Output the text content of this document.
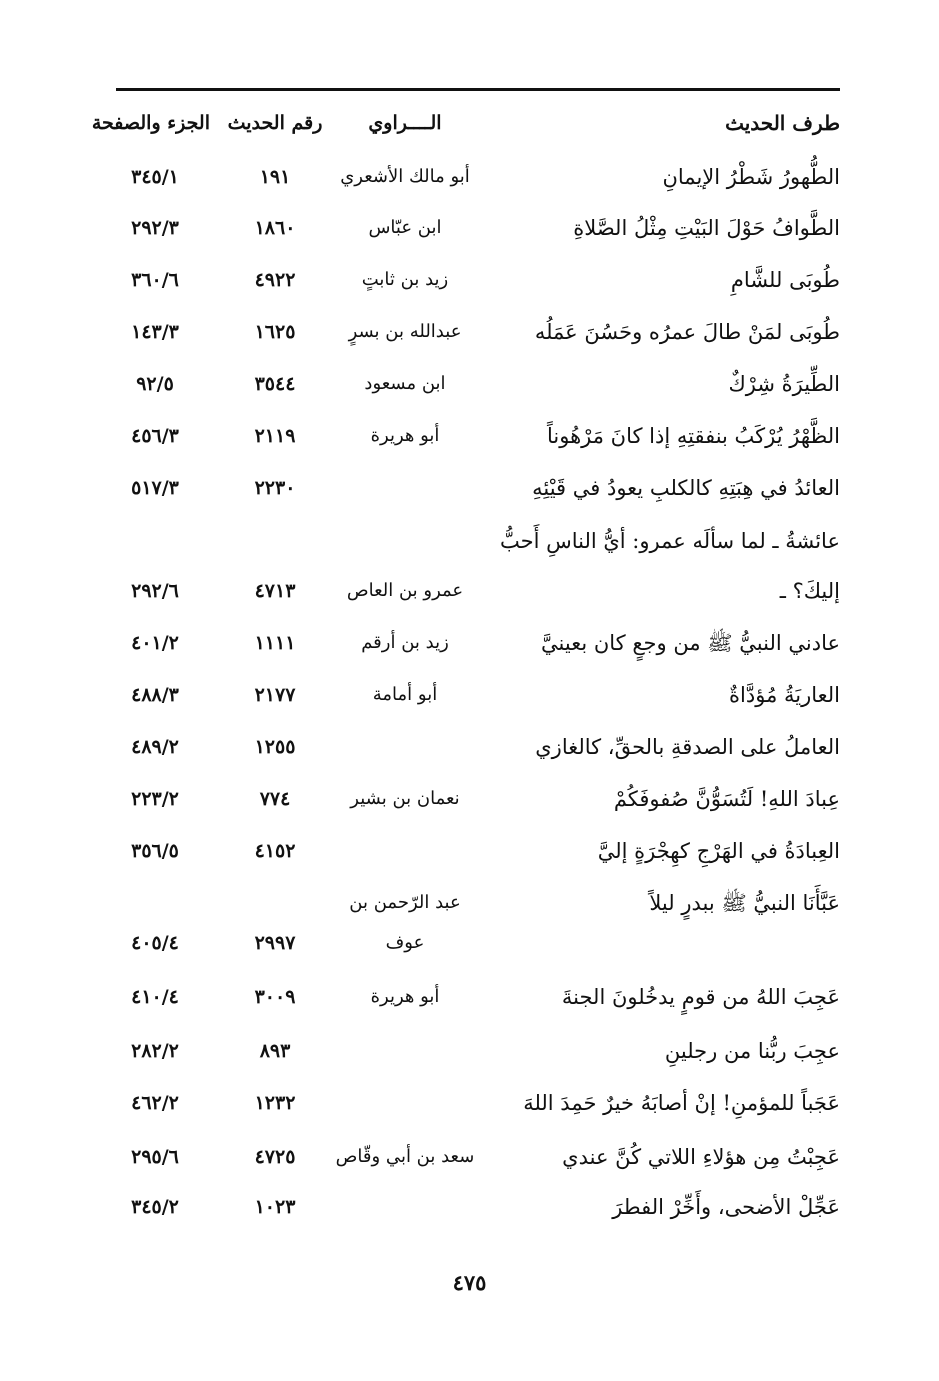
طرف الحديث
الــــراوي
رقم الحديث
الجزء والصفحة
الطُّهورُ شَطْرُ الإيمانِ
أبو مالك الأشعري
١٩١
٣٤٥/١
الطَّوافُ حَوْلَ البَيْتِ مِثْلُ الصَّلاةِ
ابن عبّاس
١٨٦٠
٢٩٢/٣
طُوبَى للشَّامِ
زيد بن ثابتٍ
٤٩٢٢
٣٦٠/٦
طُوبَى لمَنْ طالَ عمرُه وحَسُنَ عَمَلُه
عبدالله بن بسرٍ
١٦٢٥
١٤٣/٣
الطِّيرَةُ شِرْكٌ
ابن مسعود
٣٥٤٤
٩٢/٥
الظَّهْرُ يُرْكَبُ بنفقتِهِ إذا كانَ مَرْهُوناً
أبو هريرة
٢١١٩
٤٥٦/٣
العائدُ في هِبَتِهِ كالكلبِ يعودُ في قَيْئِهِ
٢٢٣٠
٥١٧/٣
عائشةُ ـ لما سألَه عمرو: أيُّ الناسِ أَحبُّ
إليكَ؟ ـ
عمرو بن العاص
٤٧١٣
٢٩٢/٦
عادني النبيُّ ﷺ من وجعٍ كان بعينيَّ
زيد بن أرقم
١١١١
٤٠١/٢
العاريَةُ مُؤدَّاةٌ
أبو أمامة
٢١٧٧
٤٨٨/٣
العاملُ على الصدقةِ بالحقِّ، كالغازي
١٢٥٥
٤٨٩/٢
عِبادَ اللهِ! لَتُسَوُّنَّ صُفوفَكُمْ
نعمان بن بشير
٧٧٤
٢٢٣/٢
العِبادَةُ في الهَرْجِ كهِجْرَةٍ إليَّ
٤١٥٢
٣٥٦/٥
عَبَّأَنَا النبيُّ ﷺ ببدرٍ ليلاً
عبد الرّحمن بن
عوف
٢٩٩٧
٤٠٥/٤
عَجِبَ اللهُ من قومٍ يدخُلونَ الجنةَ
أبو هريرة
٣٠٠٩
٤١٠/٤
عجِبَ ربُّنا من رجلينِ
٨٩٣
٢٨٢/٢
عَجَباً للمؤمنِ! إنْ أصابَهُ خيرٌ حَمِدَ اللهَ
١٢٣٢
٤٦٢/٢
عَجِبْتُ مِن هؤلاءِ اللاتي كُنَّ عندي
سعد بن أبي وقّاص
٤٧٢٥
٢٩٥/٦
عَجِّلْ الأضحى، وأَخِّرْ الفطرَ
١٠٢٣
٣٤٥/٢
٤٧٥
